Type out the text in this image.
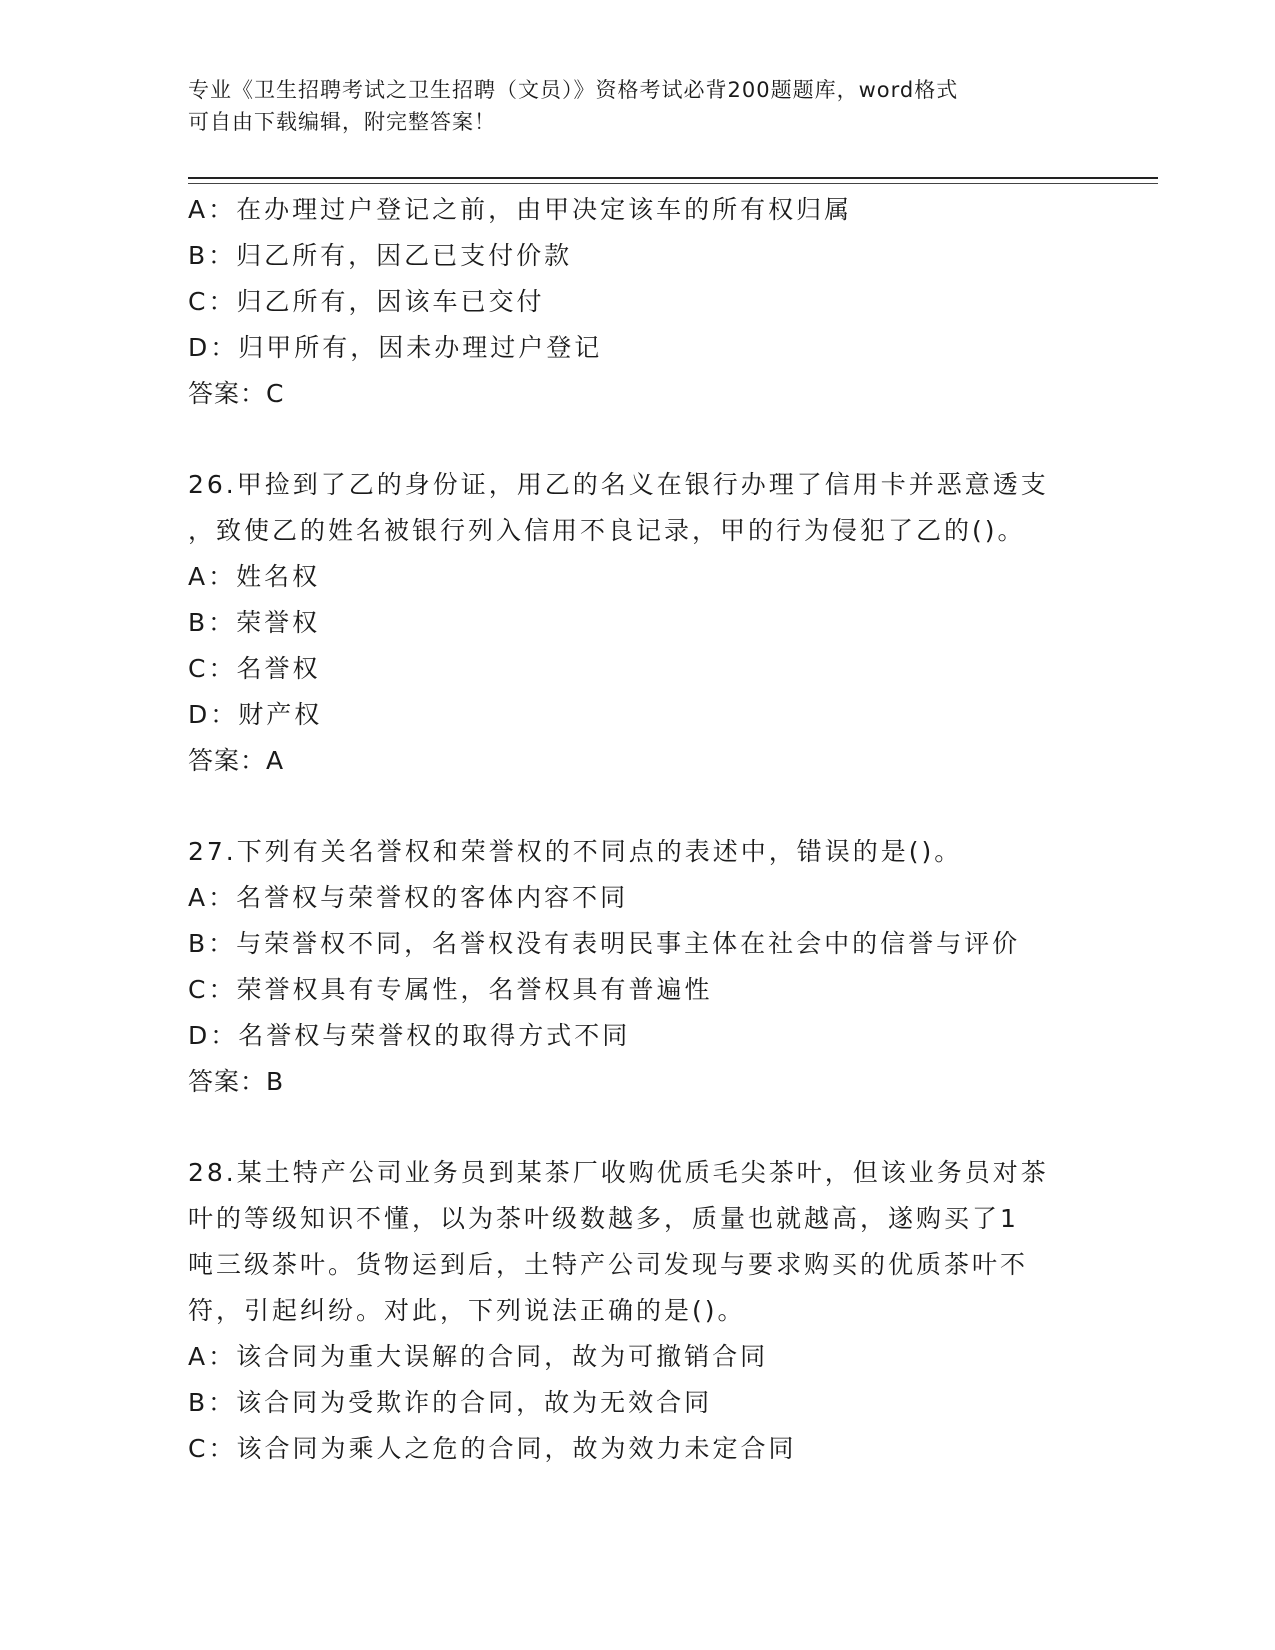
专业《卫生招聘考试之卫生招聘（文员）》资格考试必背200题题库，word格式
可自由下载编辑，附完整答案！
A：在办理过户登记之前，由甲决定该车的所有权归属
B：归乙所有，因乙已支付价款
C：归乙所有，因该车已交付
D：归甲所有，因未办理过户登记
答案：C
26.甲捡到了乙的身份证，用乙的名义在银行办理了信用卡并恶意透支
，致使乙的姓名被银行列入信用不良记录，甲的行为侵犯了乙的()。
A：姓名权
B：荣誉权
C：名誉权
D：财产权
答案：A
27.下列有关名誉权和荣誉权的不同点的表述中，错误的是()。
A：名誉权与荣誉权的客体内容不同
B：与荣誉权不同，名誉权没有表明民事主体在社会中的信誉与评价
C：荣誉权具有专属性，名誉权具有普遍性
D：名誉权与荣誉权的取得方式不同
答案：B
28.某土特产公司业务员到某茶厂收购优质毛尖茶叶，但该业务员对茶
叶的等级知识不懂，以为茶叶级数越多，质量也就越高，遂购买了1
吨三级茶叶。货物运到后，土特产公司发现与要求购买的优质茶叶不
符，引起纠纷。对此，下列说法正确的是()。
A：该合同为重大误解的合同，故为可撤销合同
B：该合同为受欺诈的合同，故为无效合同
C：该合同为乘人之危的合同，故为效力未定合同
